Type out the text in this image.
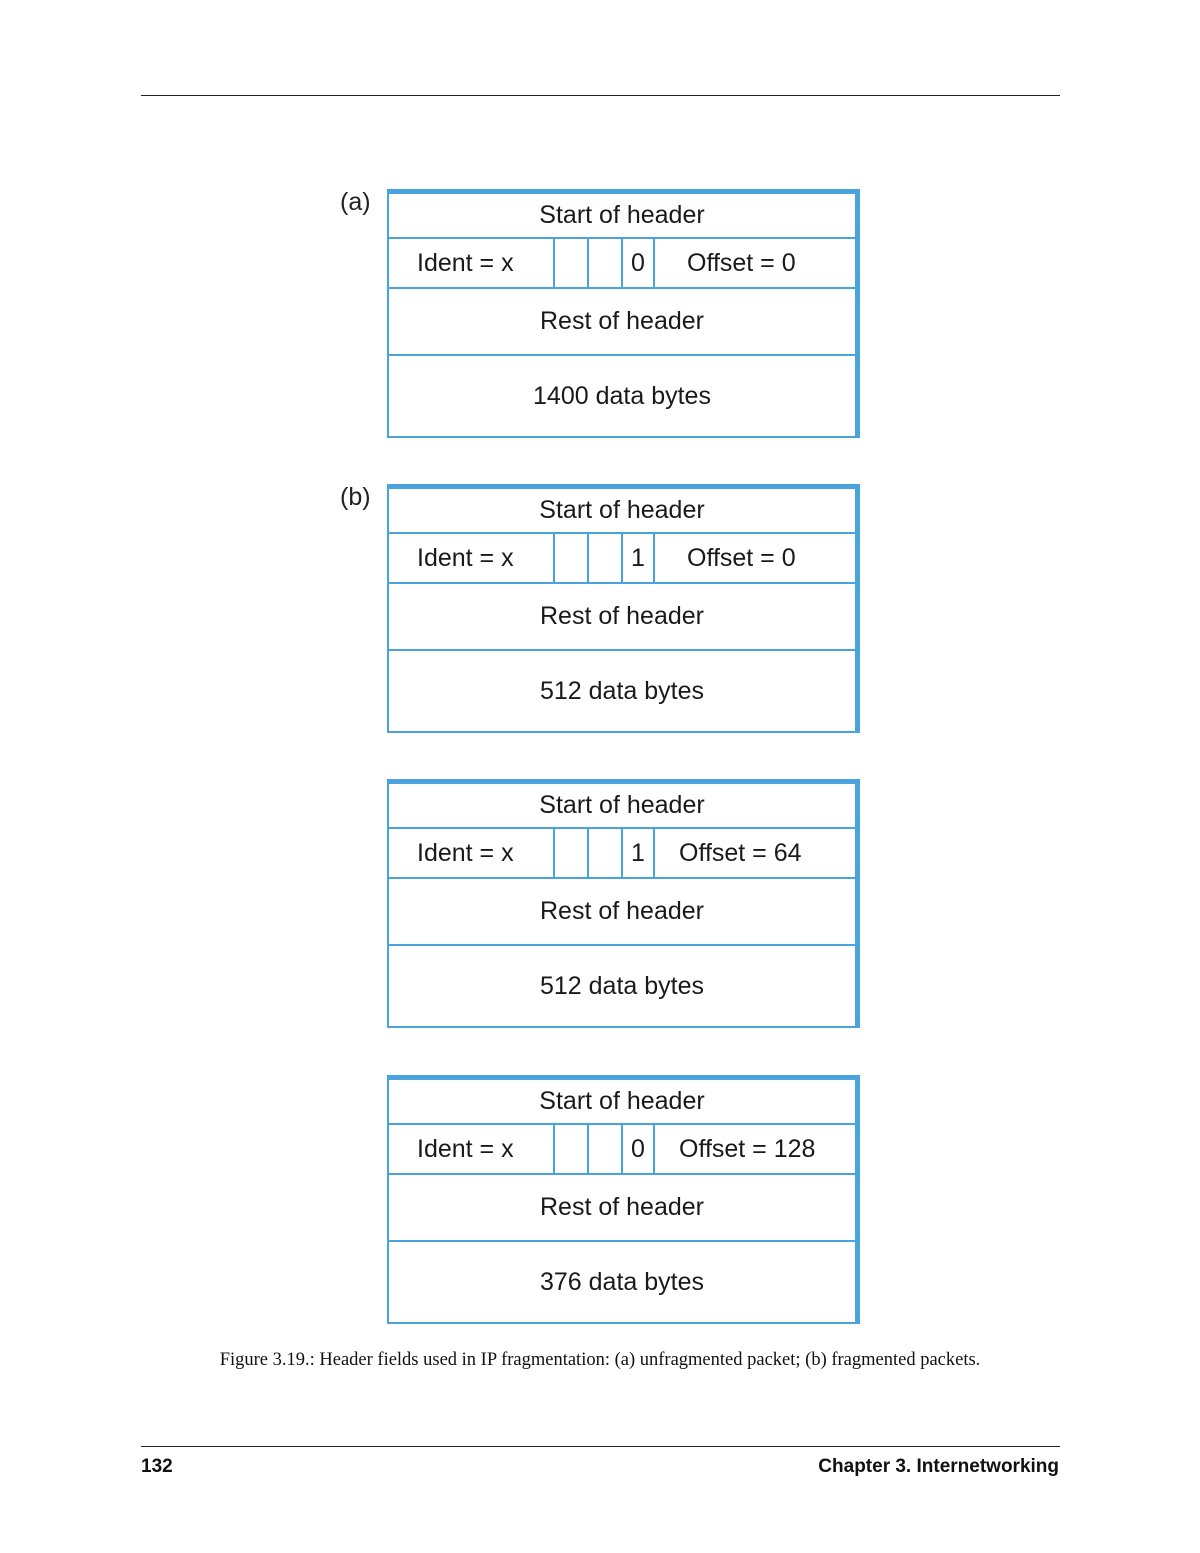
(a)
(b)
Start of header
Ident = x	0	Offset = 0
Rest of header
1400 data bytes
Start of header
Ident = x	1	Offset = 0
Rest of header
512 data bytes
Start of header
Ident = x	1	Offset = 64
Rest of header
512 data bytes
Start of header
Ident = x	0	Offset = 128
Rest of header
376 data bytes
Figure 3.19.: Header fields used in IP fragmentation: (a) unfragmented packet; (b) fragmented packets.
132	Chapter 3. Internetworking
